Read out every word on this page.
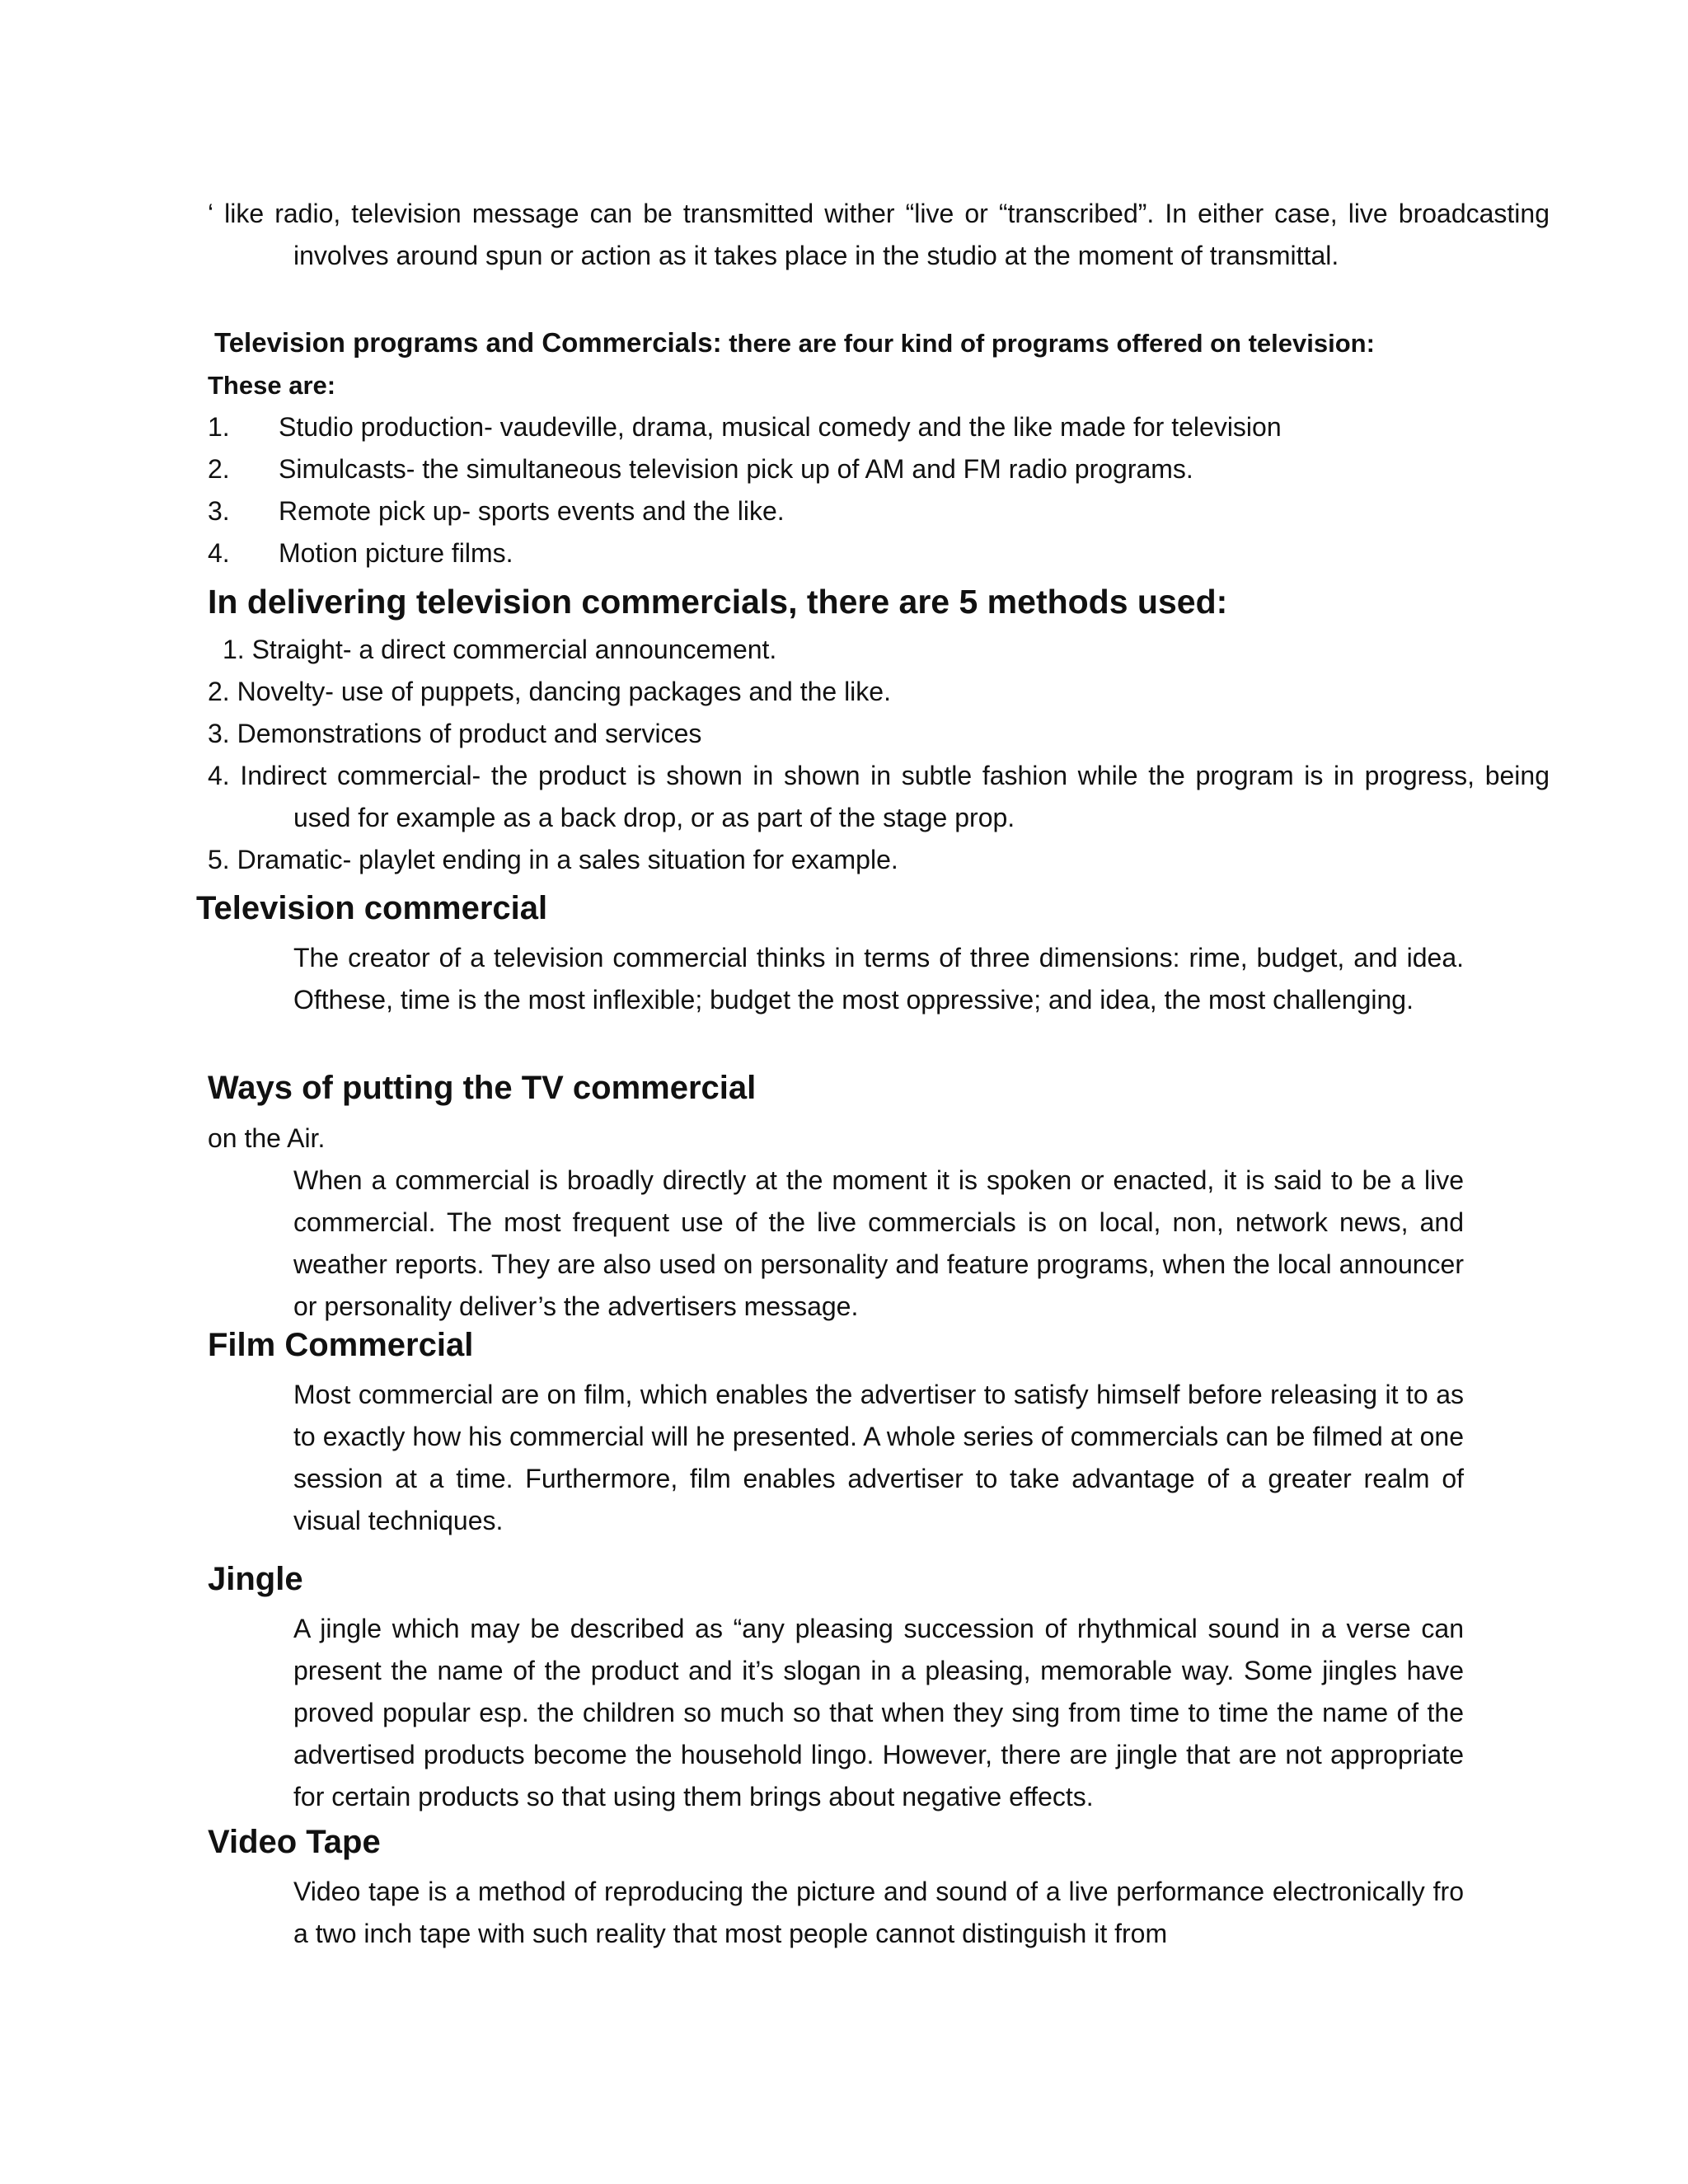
‘ like radio, television message can be transmitted wither “live or “transcribed”. In either case, live broadcasting involves around spun or action as it takes place in the studio at the moment of transmittal.

Television programs and Commercials: there are four kind of programs offered on television:

These are:

1. Studio production- vaudeville, drama, musical comedy and the like made for television

2. Simulcasts- the simultaneous television pick up of AM and FM radio programs.

3. Remote pick up- sports events and the like.

4. Motion picture films.

In delivering television commercials, there are 5 methods used:

1. Straight- a direct commercial announcement.

2. Novelty- use of puppets, dancing packages and the like.

3. Demonstrations of product and services

4. Indirect commercial- the product is shown in shown in subtle fashion while the program is in progress, being used for example as a back drop, or as part of the stage prop.

5. Dramatic- playlet ending in a sales situation for example.

Television commercial

The creator of a television commercial thinks in terms of three dimensions: rime, budget, and idea. Ofthese, time is the most inflexible; budget the most oppressive; and idea, the most challenging.

Ways of putting the TV commercial

on the Air.

When a commercial is broadly directly at the moment it is spoken or enacted, it is said to be a live commercial. The most frequent use of the live commercials is on local, non, network news, and weather reports. They are also used on personality and feature programs, when the local announcer or personality deliver’s the advertisers message.

Film Commercial

Most commercial are on film, which enables the advertiser to satisfy himself before releasing it to as to exactly how his commercial will he presented. A whole series of commercials can be filmed at one session at a time. Furthermore, film enables advertiser to take advantage of a greater realm of visual techniques.

Jingle

A jingle which may be described as “any pleasing succession of rhythmical sound in a verse can present the name of the product and it’s slogan in a pleasing, memorable way. Some jingles have proved popular esp. the children so much so that when they sing from time to time the name of the advertised products become the household lingo. However, there are jingle that are not appropriate for certain products so that using them brings about negative effects.

Video Tape

Video tape is a method of reproducing the picture and sound of a live performance electronically fro a two inch tape with such reality that most people cannot distinguish it from
